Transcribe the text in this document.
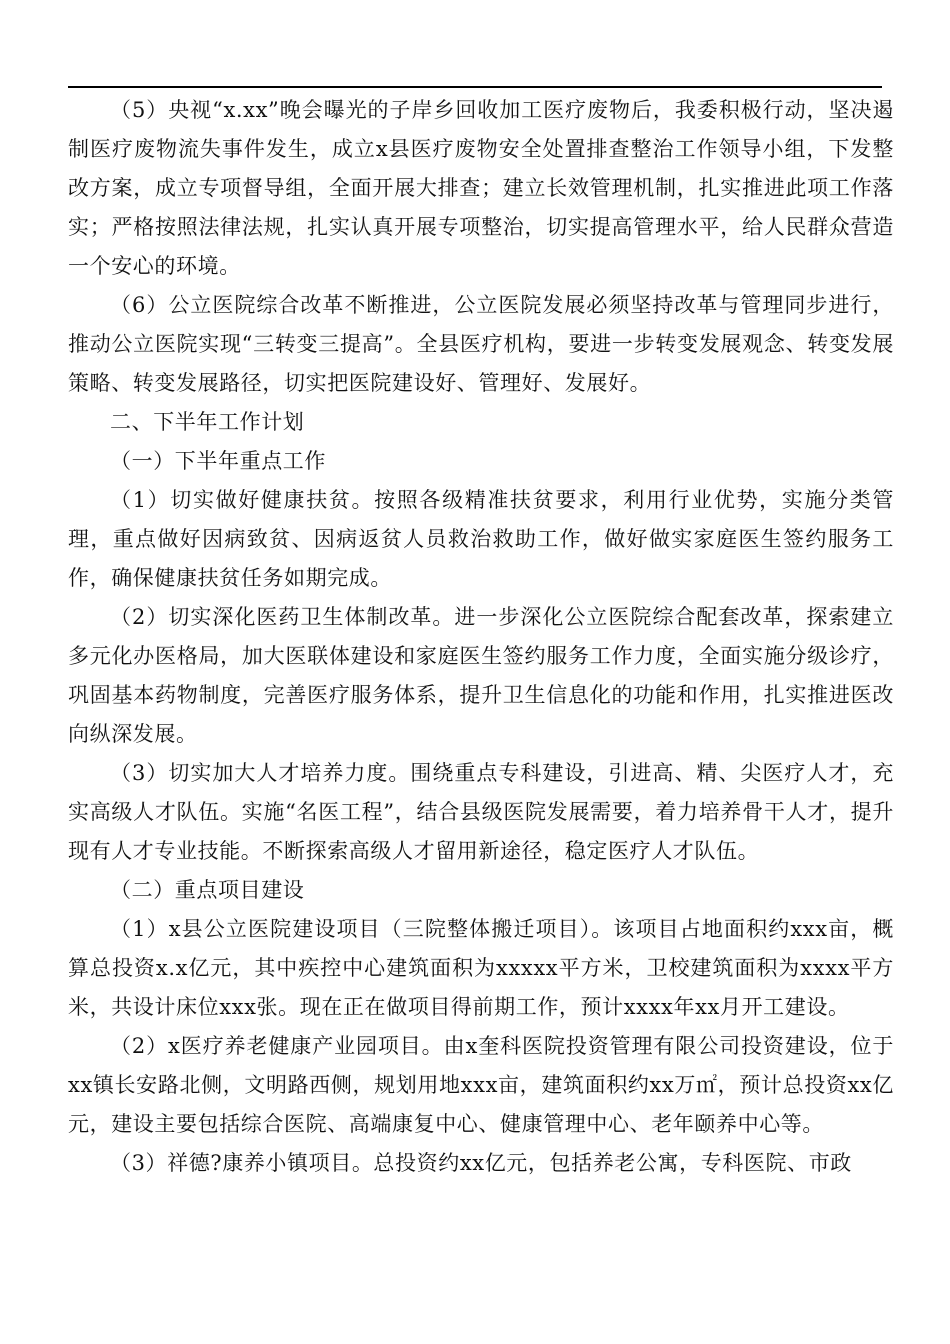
（5）央视“x.xx”晚会曝光的子岸乡回收加工医疗废物后，我委积极行动，坚决遏制医疗废物流失事件发生，成立x县医疗废物安全处置排查整治工作领导小组，下发整改方案，成立专项督导组，全面开展大排查；建立长效管理机制，扎实推进此项工作落实；严格按照法律法规，扎实认真开展专项整治，切实提高管理水平，给人民群众营造一个安心的环境。

（6）公立医院综合改革不断推进，公立医院发展必须坚持改革与管理同步进行，推动公立医院实现“三转变三提高”。全县医疗机构，要进一步转变发展观念、转变发展策略、转变发展路径，切实把医院建设好、管理好、发展好。

二、下半年工作计划

（一）下半年重点工作

（1）切实做好健康扶贫。按照各级精准扶贫要求，利用行业优势，实施分类管理，重点做好因病致贫、因病返贫人员救治救助工作，做好做实家庭医生签约服务工作，确保健康扶贫任务如期完成。

（2）切实深化医药卫生体制改革。进一步深化公立医院综合配套改革，探索建立多元化办医格局，加大医联体建设和家庭医生签约服务工作力度，全面实施分级诊疗，巩固基本药物制度，完善医疗服务体系，提升卫生信息化的功能和作用，扎实推进医改向纵深发展。

（3）切实加大人才培养力度。围绕重点专科建设，引进高、精、尖医疗人才，充实高级人才队伍。实施“名医工程”，结合县级医院发展需要，着力培养骨干人才，提升现有人才专业技能。不断探索高级人才留用新途径，稳定医疗人才队伍。

（二）重点项目建设

（1）x县公立医院建设项目（三院整体搬迁项目）。该项目占地面积约xxx亩，概算总投资x.x亿元，其中疾控中心建筑面积为xxxxx平方米，卫校建筑面积为xxxx平方米，共设计床位xxx张。现在正在做项目得前期工作，预计xxxx年xx月开工建设。

（2）x医疗养老健康产业园项目。由x奎科医院投资管理有限公司投资建设，位于xx镇长安路北侧，文明路西侧，规划用地xxx亩，建筑面积约xx万㎡，预计总投资xx亿元，建设主要包括综合医院、高端康复中心、健康管理中心、老年颐养中心等。

（3）祥德?康养小镇项目。总投资约xx亿元，包括养老公寓，专科医院、市政
